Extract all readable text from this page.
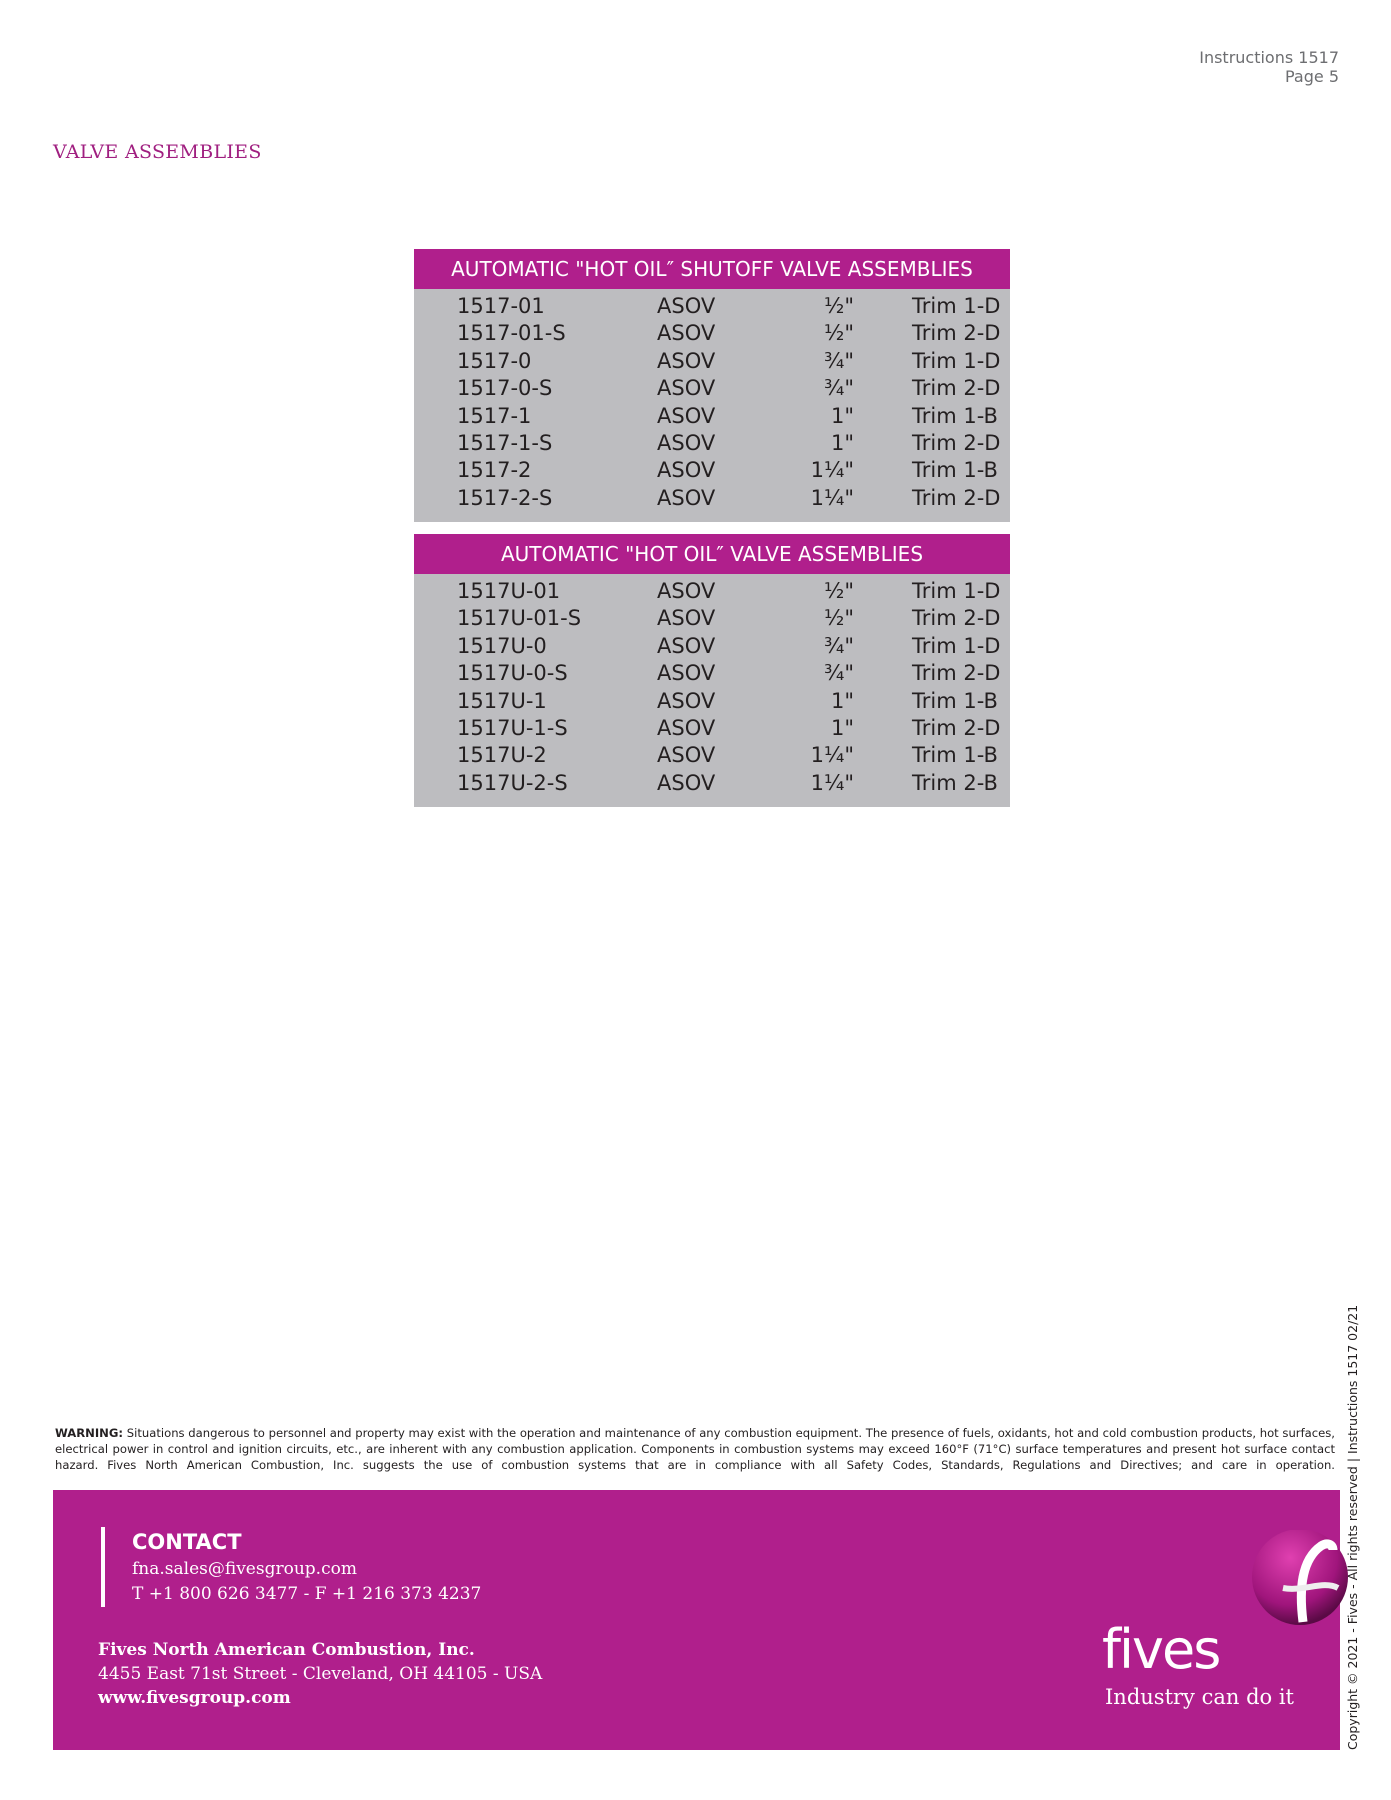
Instructions 1517
Page 5
VALVE ASSEMBLIES
AUTOMATIC "HOT OIL″ SHUTOFF VALVE ASSEMBLIES
1517-01	ASOV	½"	Trim 1-D
1517-01-S	ASOV	½"	Trim 2-D
1517-0	ASOV	¾"	Trim 1-D
1517-0-S	ASOV	¾"	Trim 2-D
1517-1	ASOV	1"	Trim 1-B
1517-1-S	ASOV	1"	Trim 2-D
1517-2	ASOV	1¼"	Trim 1-B
1517-2-S	ASOV	1¼"	Trim 2-D
AUTOMATIC "HOT OIL″ VALVE ASSEMBLIES
1517U-01	ASOV	½"	Trim 1-D
1517U-01-S	ASOV	½"	Trim 2-D
1517U-0	ASOV	¾"	Trim 1-D
1517U-0-S	ASOV	¾"	Trim 2-D
1517U-1	ASOV	1"	Trim 1-B
1517U-1-S	ASOV	1"	Trim 2-D
1517U-2	ASOV	1¼"	Trim 1-B
1517U-2-S	ASOV	1¼"	Trim 2-B
WARNING: Situations dangerous to personnel and property may exist with the operation and maintenance of any combustion equipment. The presence of fuels, oxidants, hot and cold combustion products, hot surfaces, electrical power in control and ignition circuits, etc., are inherent with any combustion application. Components in combustion systems may exceed 160°F (71°C) surface temperatures and present hot surface contact hazard. Fives North American Combustion, Inc. suggests the use of combustion systems that are in compliance with all Safety Codes, Standards, Regulations and Directives; and care in operation.
CONTACT
fna.sales@fivesgroup.com
T +1 800 626 3477 - F +1 216 373 4237
Fives North American Combustion, Inc.
4455 East 71st Street - Cleveland, OH 44105 - USA
www.fivesgroup.com
fives
Industry can do it	Copyright © 2021 - Fives - All rights reserved | Instructions 1517 02/21
